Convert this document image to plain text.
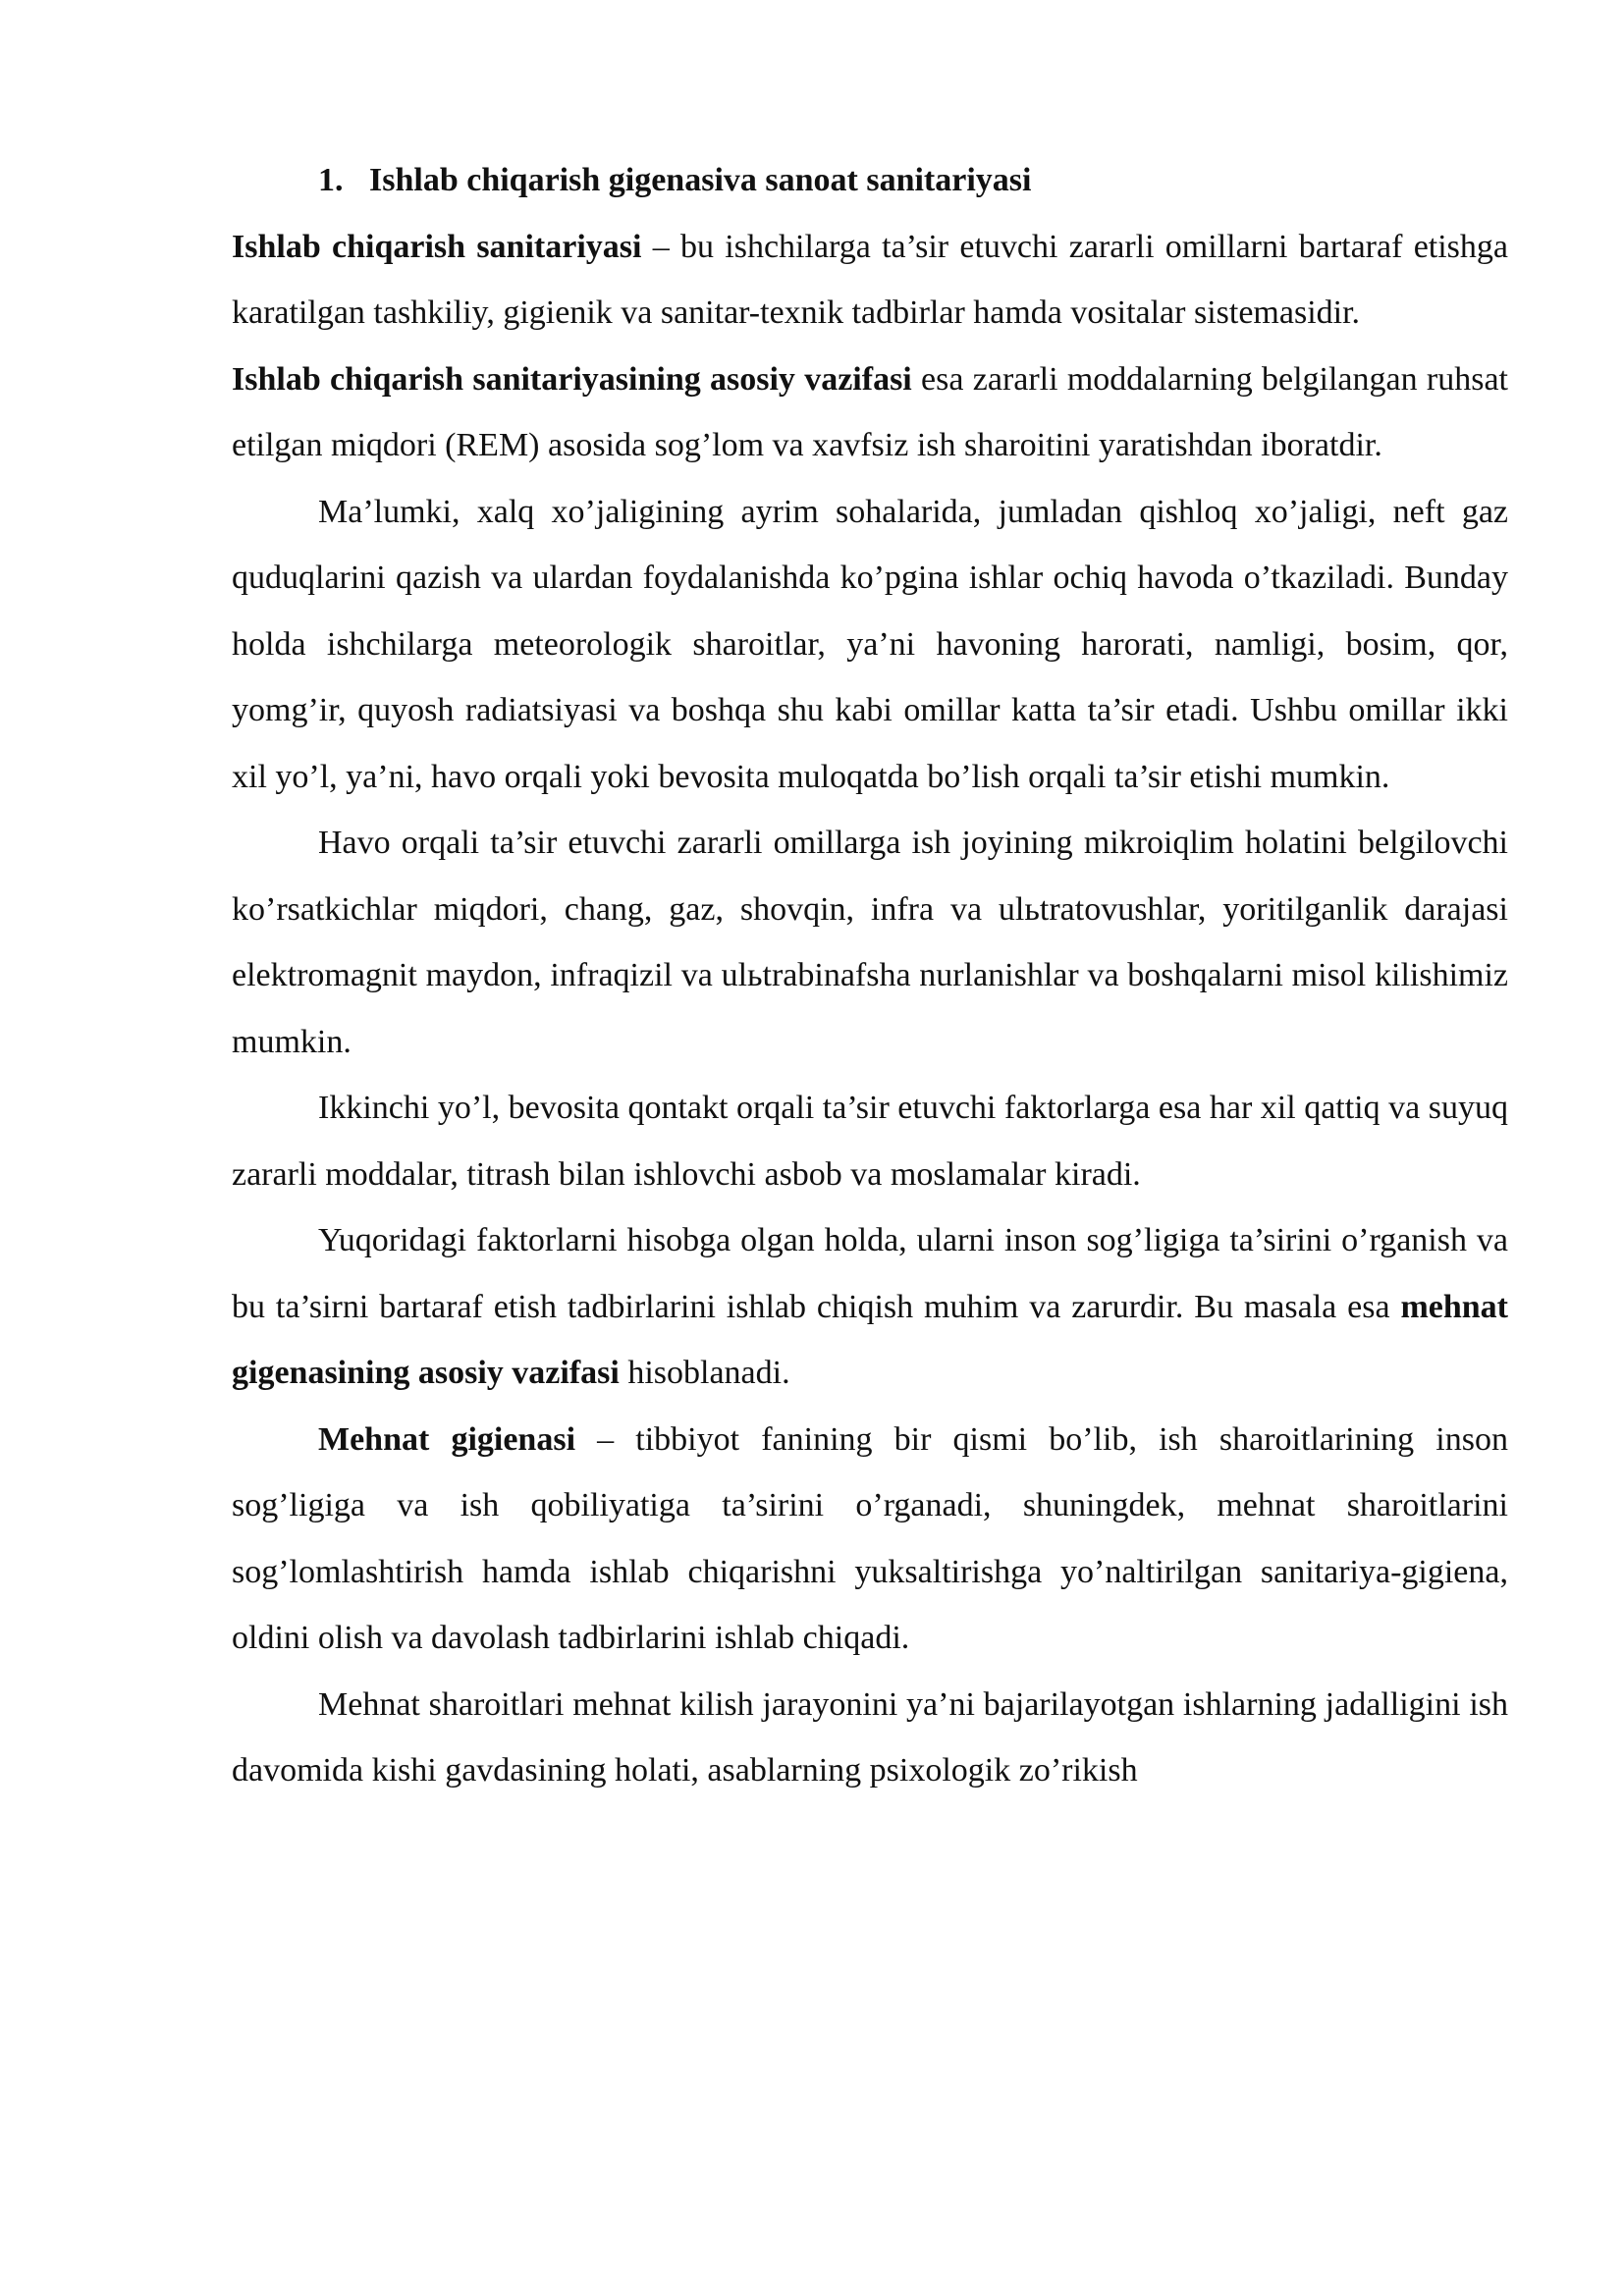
1. Ishlab chiqarish gigenasiva sanoat sanitariyasi

Ishlab chiqarish sanitariyasi – bu ishchilarga ta’sir etuvchi zararli omillarni bartaraf etishga karatilgan tashkiliy, gigienik va sanitar-texnik tadbirlar hamda vositalar sistemasidir.

Ishlab chiqarish sanitariyasining asosiy vazifasi esa zararli moddalarning belgilangan ruhsat etilgan miqdori (REM) asosida sog’lom va xavfsiz ish sharoitini yaratishdan iboratdir.

Ma’lumki, xalq xo’jaligining ayrim sohalarida, jumladan qishloq xo’jaligi, neft gaz quduqlarini qazish va ulardan foydalanishda ko’pgina ishlar ochiq havoda o’tkaziladi. Bunday holda ishchilarga meteorologik sharoitlar, ya’ni havoning harorati, namligi, bosim, qor, yomg’ir, quyosh radiatsiyasi va boshqa shu kabi omillar katta ta’sir etadi. Ushbu omillar ikki xil yo’l, ya’ni, havo orqali yoki bevosita muloqatda bo’lish orqali ta’sir etishi mumkin.

Havo orqali ta’sir etuvchi zararli omillarga ish joyining mikroiqlim holatini belgilovchi ko’rsatkichlar miqdori, chang, gaz, shovqin, infra va ulьtratovushlar, yoritilganlik darajasi elektromagnit maydon, infraqizil va ulьtrabinafsha nurlanishlar va boshqalarni misol kilishimiz mumkin.

Ikkinchi yo’l, bevosita qontakt orqali ta’sir etuvchi faktorlarga esa har xil qattiq va suyuq zararli moddalar, titrash bilan ishlovchi asbob va moslamalar kiradi.

Yuqoridagi faktorlarni hisobga olgan holda, ularni inson sog’ligiga ta’sirini o’rganish va bu ta’sirni bartaraf etish tadbirlarini ishlab chiqish muhim va zarurdir. Bu masala esa mehnat gigenasining asosiy vazifasi hisoblanadi.

Mehnat gigienasi – tibbiyot fanining bir qismi bo’lib, ish sharoitlarining inson sog’ligiga va ish qobiliyatiga ta’sirini o’rganadi, shuningdek, mehnat sharoitlarini sog’lomlashtirish hamda ishlab chiqarishni yuksaltirishga yo’naltirilgan sanitariya-gigiena, oldini olish va davolash tadbirlarini ishlab chiqadi.

Mehnat sharoitlari mehnat kilish jarayonini ya’ni bajarilayotgan ishlarning jadalligini ish davomida kishi gavdasining holati, asablarning psixologik zo’rikish
